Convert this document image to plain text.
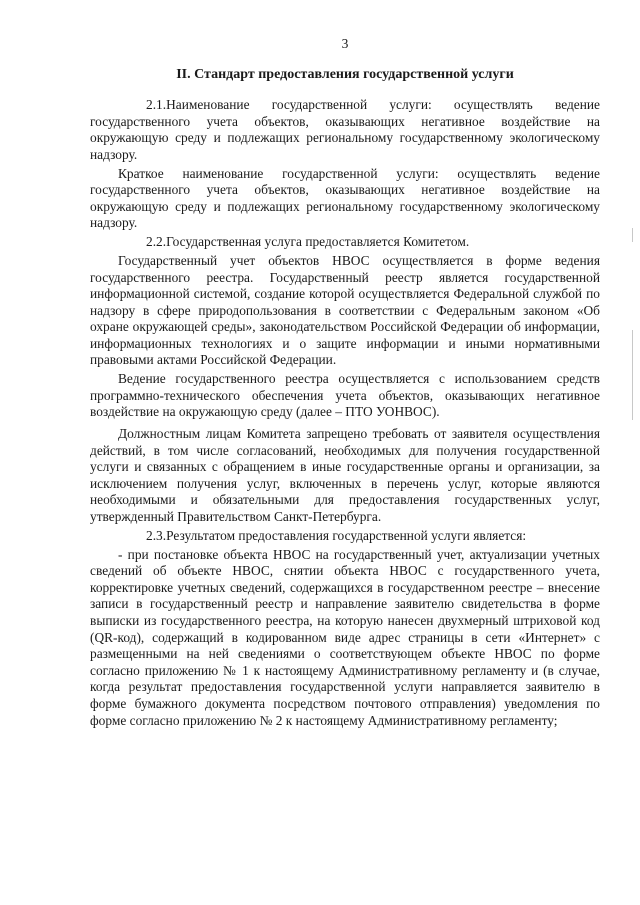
3
II. Стандарт предоставления государственной услуги
2.1.Наименование государственной услуги: осуществлять ведение государственного учета объектов, оказывающих негативное воздействие на окружающую среду и подлежащих региональному государственному экологическому надзору.
Краткое наименование государственной услуги: осуществлять ведение государственного учета объектов, оказывающих негативное воздействие на окружающую среду и подлежащих региональному государственному экологическому надзору.
2.2.Государственная услуга предоставляется Комитетом.
Государственный учет объектов НВОС осуществляется в форме ведения государственного реестра. Государственный реестр является государственной информационной системой, создание которой осуществляется Федеральной службой по надзору в сфере природопользования в соответствии с Федеральным законом «Об охране окружающей среды», законодательством Российской Федерации об информации, информационных технологиях и о защите информации и иными нормативными правовыми актами Российской Федерации.
Ведение государственного реестра осуществляется с использованием средств программно-технического обеспечения учета объектов, оказывающих негативное воздействие на окружающую среду (далее – ПТО УОНВОС).
Должностным лицам Комитета запрещено требовать от заявителя осуществления действий, в том числе согласований, необходимых для получения государственной услуги и связанных с обращением в иные государственные органы и организации, за исключением получения услуг, включенных в перечень услуг, которые являются необходимыми и обязательными для предоставления государственных услуг, утвержденный Правительством Санкт-Петербурга.
2.3.Результатом предоставления государственной услуги является:
- при постановке объекта НВОС на государственный учет, актуализации учетных сведений об объекте НВОС, снятии объекта НВОС с государственного учета, корректировке учетных сведений, содержащихся в государственном реестре – внесение записи в государственный реестр и направление заявителю свидетельства в форме выписки из государственного реестра, на которую нанесен двухмерный штриховой код (QR-код), содержащий в кодированном виде адрес страницы в сети «Интернет» с размещенными на ней сведениями о соответствующем объекте НВОС по форме согласно приложению № 1 к настоящему Административному регламенту и (в случае, когда результат предоставления государственной услуги направляется заявителю в форме бумажного документа посредством почтового отправления) уведомления по форме согласно приложению № 2 к настоящему Административному регламенту;
